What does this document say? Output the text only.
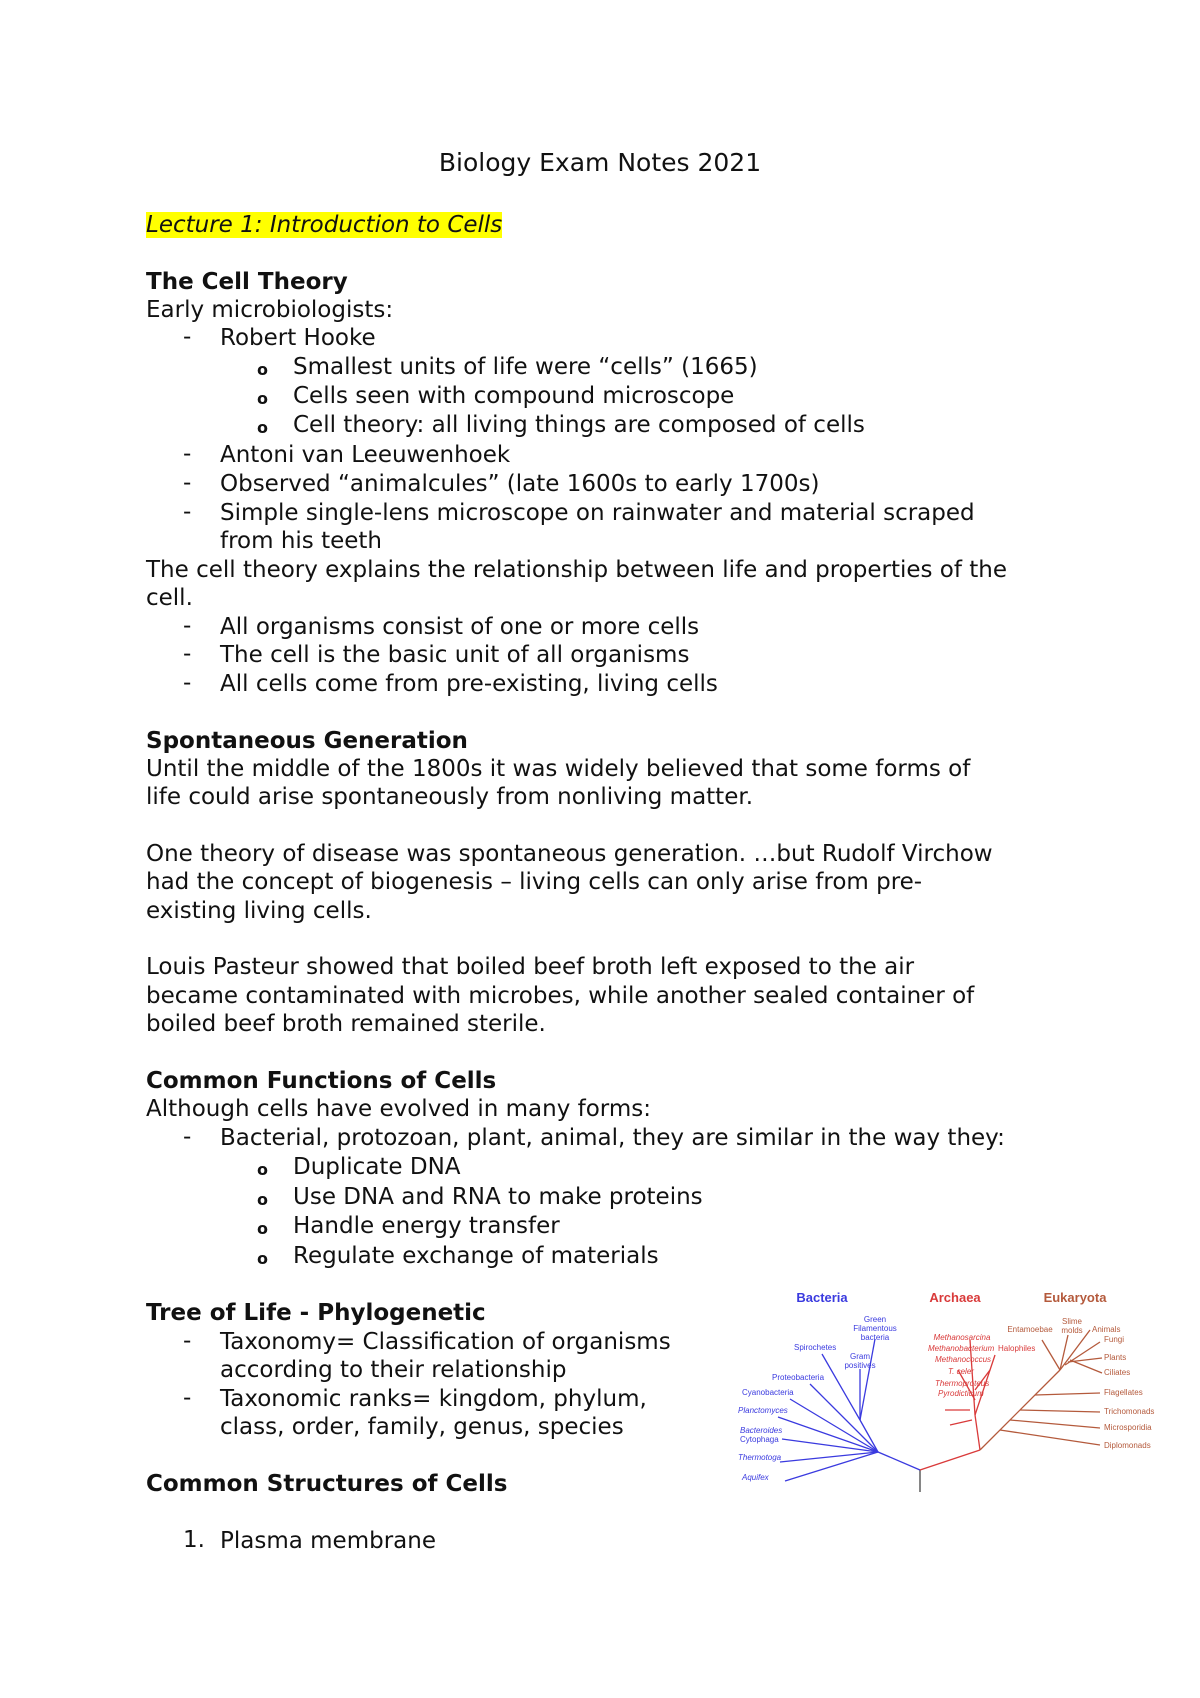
Biology Exam Notes 2021
Lecture 1: Introduction to Cells
The Cell Theory
Early microbiologists:
-	Robert Hooke
o Smallest units of life were “cells” (1665)
o Cells seen with compound microscope
o Cell theory: all living things are composed of cells
-	Antoni van Leeuwenhoek
-	Observed “animalcules” (late 1600s to early 1700s)
-	Simple single-lens microscope on rainwater and material scraped
from his teeth
The cell theory explains the relationship between life and properties of the
cell.
-	All organisms consist of one or more cells
-	The cell is the basic unit of all organisms
-	All cells come from pre-existing, living cells
Spontaneous Generation
Until the middle of the 1800s it was widely believed that some forms of
life could arise spontaneously from nonliving matter.
One theory of disease was spontaneous generation. …but Rudolf Virchow
had the concept of biogenesis – living cells can only arise from pre-
existing living cells.
Louis Pasteur showed that boiled beef broth left exposed to the air
became contaminated with microbes, while another sealed container of
boiled beef broth remained sterile.
Common Functions of Cells
Although cells have evolved in many forms:
-	Bacterial, protozoan, plant, animal, they are similar in the way they:
o Duplicate DNA
o Use DNA and RNA to make proteins
o Handle energy transfer
o Regulate exchange of materials
Tree of Life - Phylogenetic
-	Taxonomy= Classification of organisms
according to their relationship
-	Taxonomic ranks= kingdom, phylum,
class, order, family, genus, species
Common Structures of Cells
1. Plasma membrane
Bacteria	Archaea	Eukaryota
Green
Filamentous
bacteria
Spirochetes
Gram
positives
Proteobacteria
Cyanobacteria
Planctomyces
Bacteroides
Cytophaga
Thermotoga
Aquifex
Methanosarcina
Methanobacterium
Methanococcus
T. celer
Thermoproteus
Pyrodicticum
Halophiles
Entamoebae
Slime
molds Animals
Fungi
Plants
Ciliates
Flagellates
Trichomonads
Microsporidia
Diplomonads
